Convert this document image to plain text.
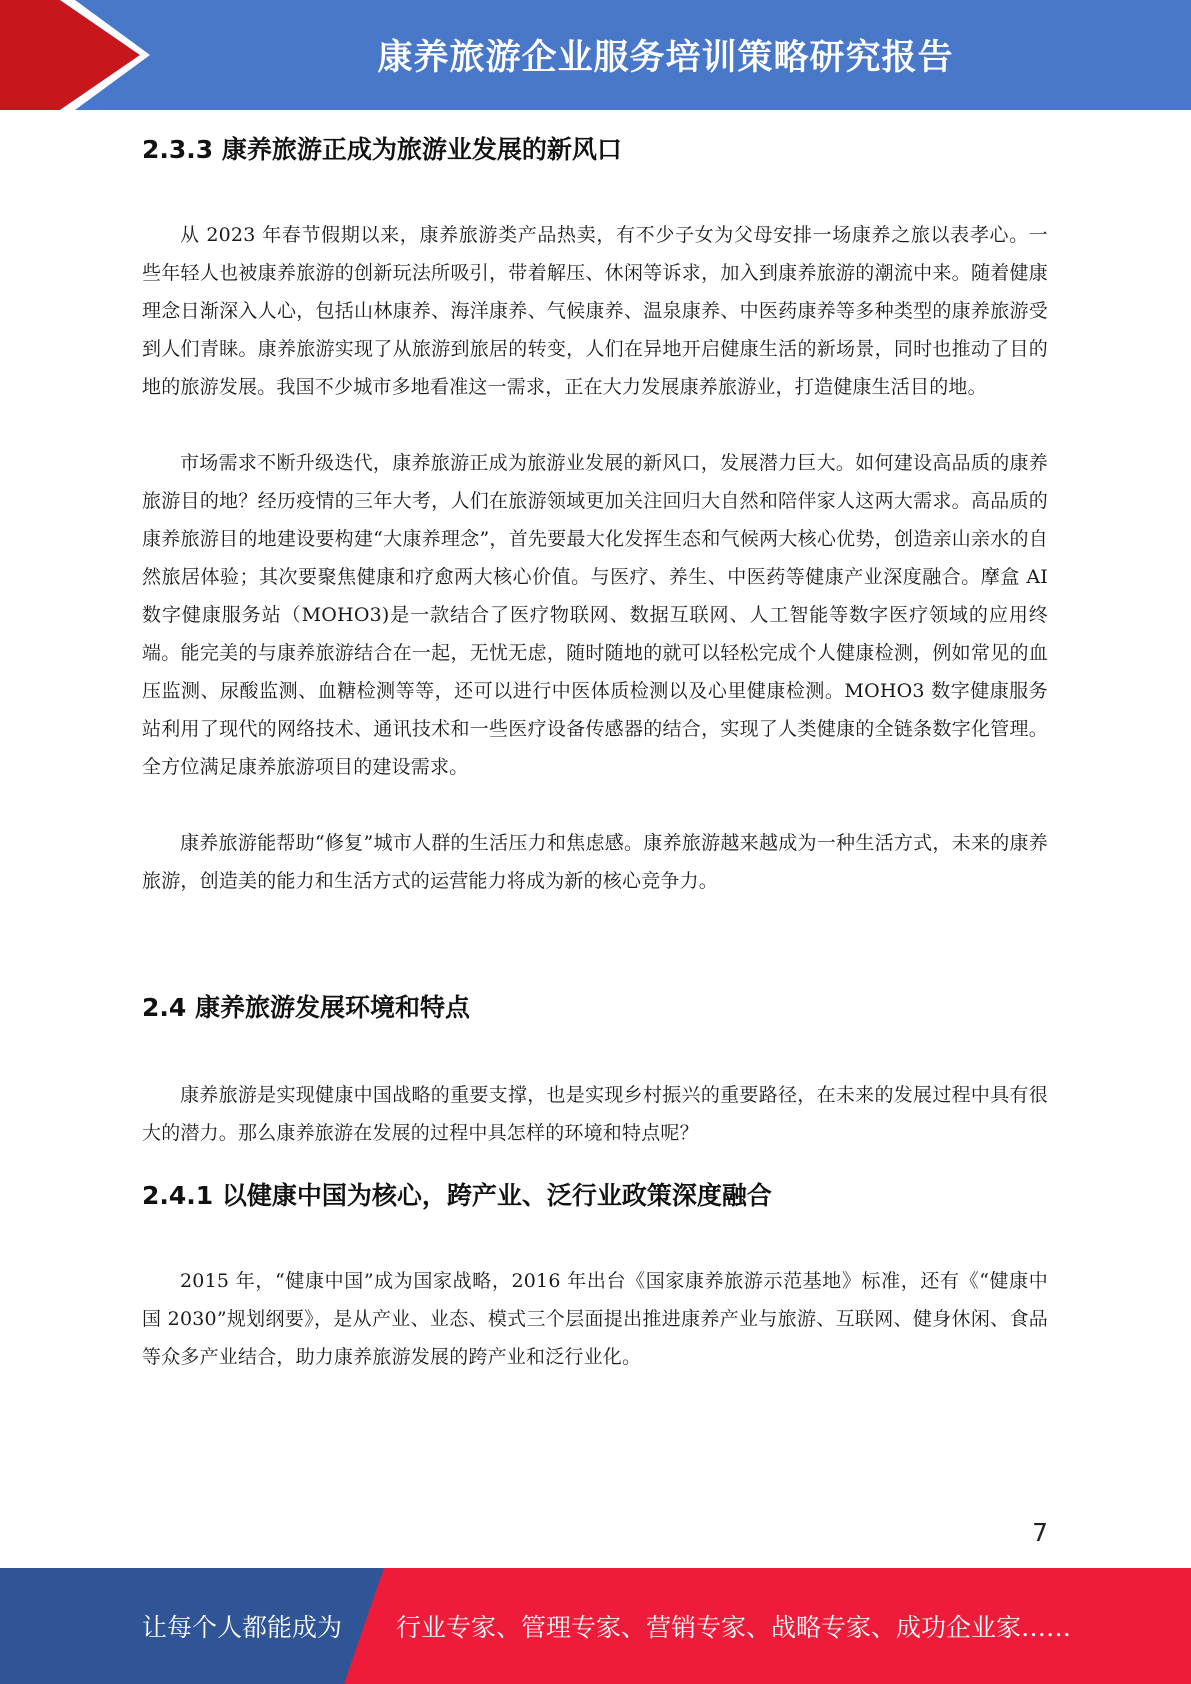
康养旅游企业服务培训策略研究报告
2.3.3 康养旅游正成为旅游业发展的新风口

从 2023 年春节假期以来，康养旅游类产品热卖，有不少子女为父母安排一场康养之旅以表孝心。一些年轻人也被康养旅游的创新玩法所吸引，带着解压、休闲等诉求，加入到康养旅游的潮流中来。随着健康理念日渐深入人心，包括山林康养、海洋康养、气候康养、温泉康养、中医药康养等多种类型的康养旅游受到人们青睐。康养旅游实现了从旅游到旅居的转变，人们在异地开启健康生活的新场景，同时也推动了目的地的旅游发展。我国不少城市多地看准这一需求，正在大力发展康养旅游业，打造健康生活目的地。

市场需求不断升级迭代，康养旅游正成为旅游业发展的新风口，发展潜力巨大。如何建设高品质的康养旅游目的地？经历疫情的三年大考，人们在旅游领域更加关注回归大自然和陪伴家人这两大需求。高品质的康养旅游目的地建设要构建“大康养理念”，首先要最大化发挥生态和气候两大核心优势，创造亲山亲水的自然旅居体验；其次要聚焦健康和疗愈两大核心价值。与医疗、养生、中医药等健康产业深度融合。摩盒 AI 数字健康服务站（MOHO3)是一款结合了医疗物联网、数据互联网、人工智能等数字医疗领域的应用终端。能完美的与康养旅游结合在一起，无忧无虑，随时随地的就可以轻松完成个人健康检测，例如常见的血压监测、尿酸监测、血糖检测等等，还可以进行中医体质检测以及心里健康检测。MOHO3 数字健康服务站利用了现代的网络技术、通讯技术和一些医疗设备传感器的结合，实现了人类健康的全链条数字化管理。全方位满足康养旅游项目的建设需求。

康养旅游能帮助“修复”城市人群的生活压力和焦虑感。康养旅游越来越成为一种生活方式，未来的康养旅游，创造美的能力和生活方式的运营能力将成为新的核心竞争力。

2.4 康养旅游发展环境和特点

康养旅游是实现健康中国战略的重要支撑，也是实现乡村振兴的重要路径，在未来的发展过程中具有很大的潜力。那么康养旅游在发展的过程中具怎样的环境和特点呢？

2.4.1 以健康中国为核心，跨产业、泛行业政策深度融合

2015 年，“健康中国”成为国家战略，2016 年出台《国家康养旅游示范基地》标准，还有《“健康中国 2030”规划纲要》，是从产业、业态、模式三个层面提出推进康养产业与旅游、互联网、健身休闲、食品等众多产业结合，助力康养旅游发展的跨产业和泛行业化。

7
让每个人都能成为 行业专家、管理专家、营销专家、战略专家、成功企业家……
